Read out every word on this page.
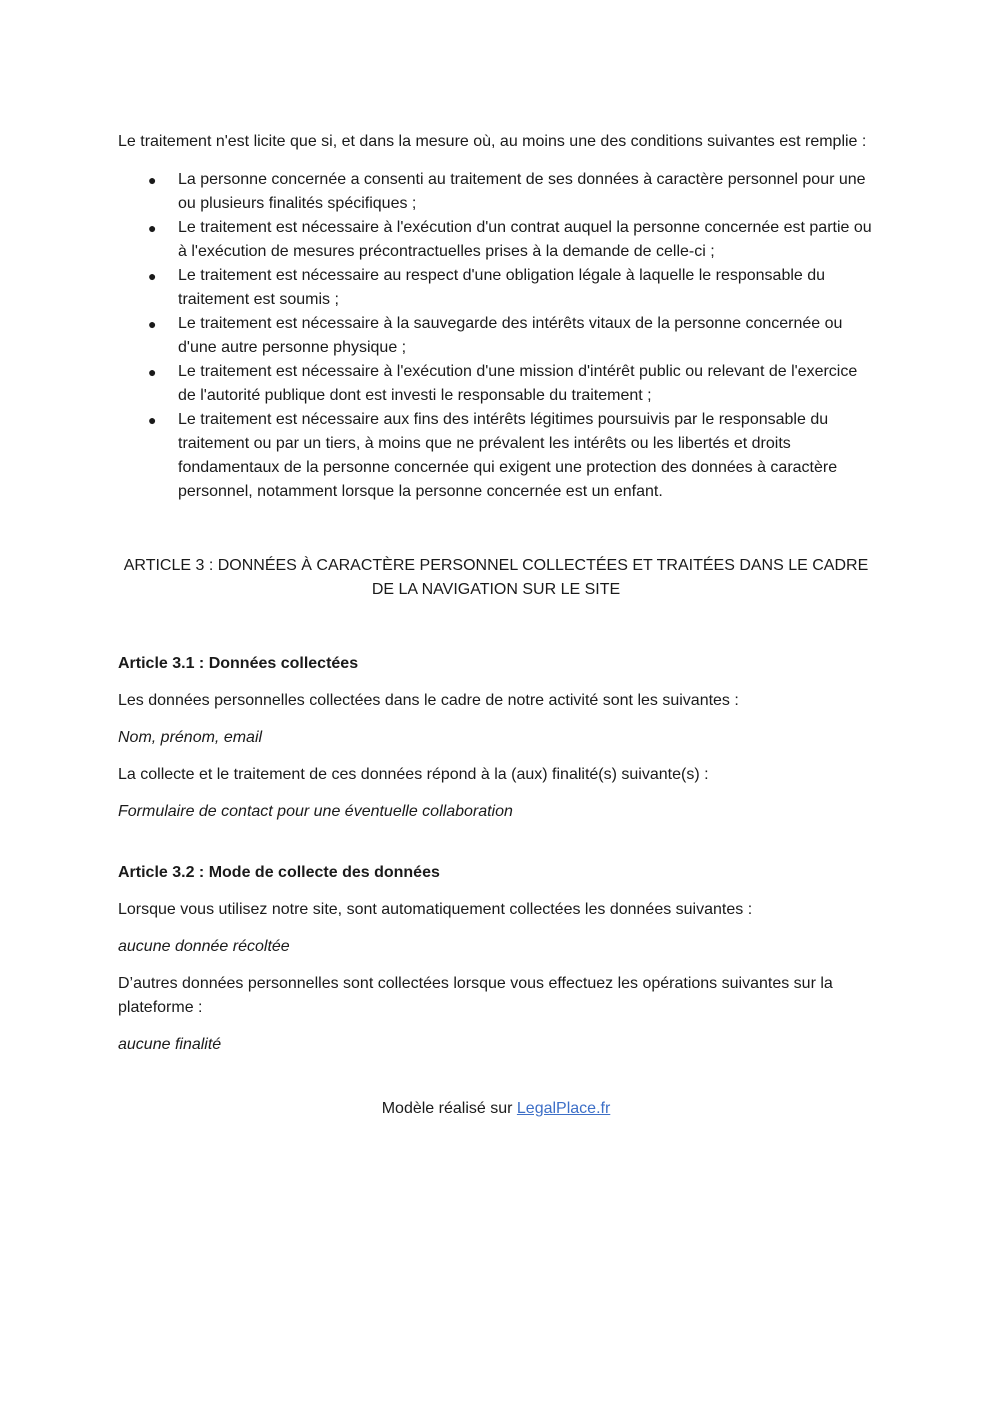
Le traitement n'est licite que si, et dans la mesure où, au moins une des conditions suivantes est remplie :

● La personne concernée a consenti au traitement de ses données à caractère personnel pour une ou plusieurs finalités spécifiques ;
● Le traitement est nécessaire à l'exécution d'un contrat auquel la personne concernée est partie ou à l'exécution de mesures précontractuelles prises à la demande de celle-ci ;
● Le traitement est nécessaire au respect d'une obligation légale à laquelle le responsable du traitement est soumis ;
● Le traitement est nécessaire à la sauvegarde des intérêts vitaux de la personne concernée ou d'une autre personne physique ;
● Le traitement est nécessaire à l'exécution d'une mission d'intérêt public ou relevant de l'exercice de l'autorité publique dont est investi le responsable du traitement ;
● Le traitement est nécessaire aux fins des intérêts légitimes poursuivis par le responsable du traitement ou par un tiers, à moins que ne prévalent les intérêts ou les libertés et droits fondamentaux de la personne concernée qui exigent une protection des données à caractère personnel, notamment lorsque la personne concernée est un enfant.

ARTICLE 3 : DONNÉES À CARACTÈRE PERSONNEL COLLECTÉES ET TRAITÉES DANS LE CADRE DE LA NAVIGATION SUR LE SITE

Article 3.1 : Données collectées

Les données personnelles collectées dans le cadre de notre activité sont les suivantes :

Nom, prénom, email

La collecte et le traitement de ces données répond à la (aux) finalité(s) suivante(s) :

Formulaire de contact pour une éventuelle collaboration

Article 3.2 : Mode de collecte des données

Lorsque vous utilisez notre site, sont automatiquement collectées les données suivantes :

aucune donnée récoltée

D’autres données personnelles sont collectées lorsque vous effectuez les opérations suivantes sur la plateforme :

aucune finalité

Modèle réalisé sur LegalPlace.fr
